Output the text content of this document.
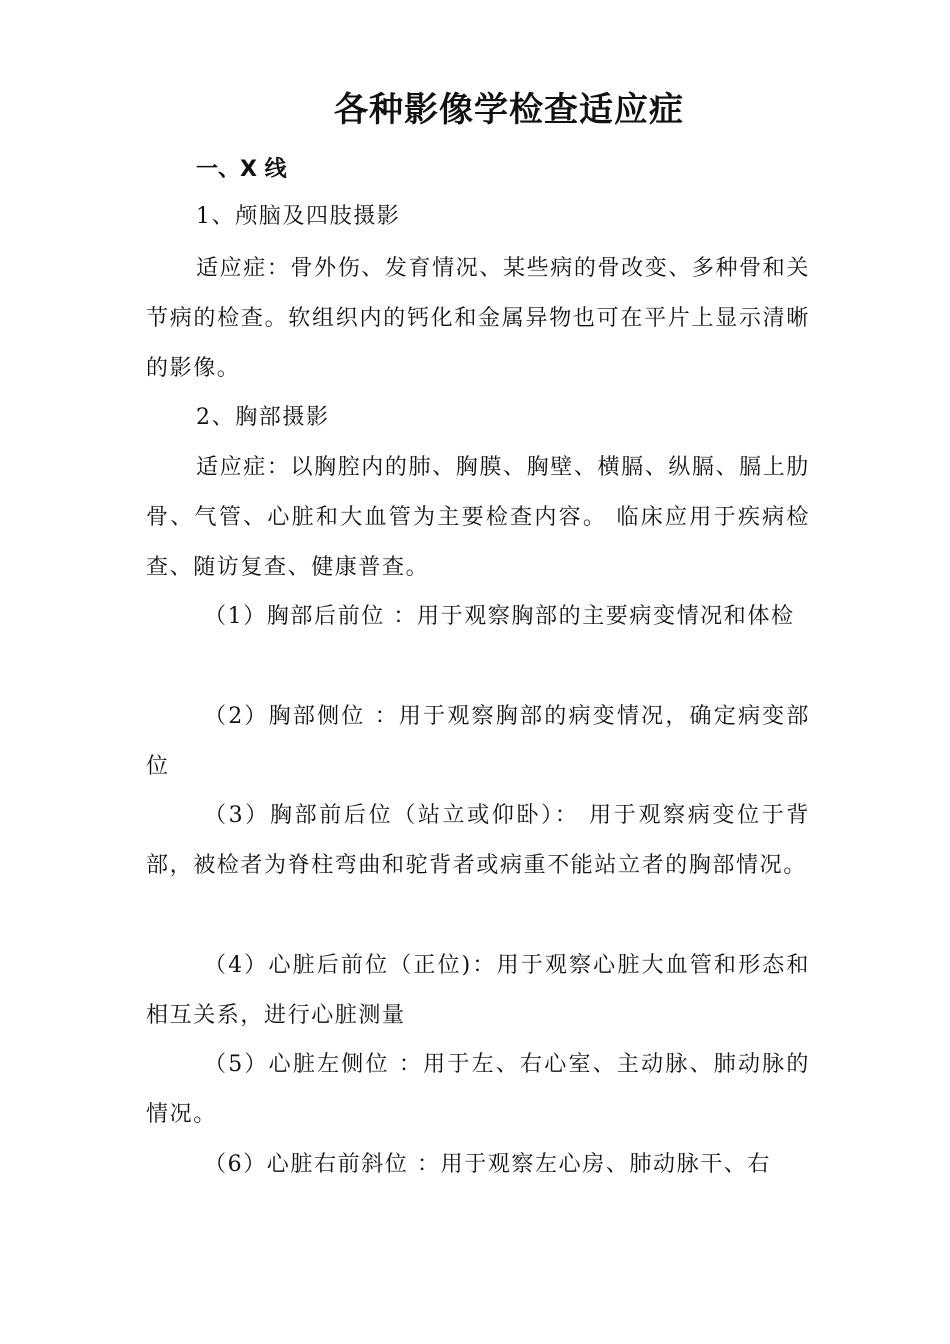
各种影像学检查适应症
一、X 线
1、颅脑及四肢摄影

适应症：骨外伤、发育情况、某些病的骨改变、多种骨和关节病的检查。软组织内的钙化和金属异物也可在平片上显示清晰的影像。

2、胸部摄影

适应症：以胸腔内的肺、胸膜、胸壁、横膈、纵膈、膈上肋骨、气管、心脏和大血管为主要检查内容。 临床应用于疾病检查、随访复查、健康普查。

（1）胸部后前位 ：用于观察胸部的主要病变情况和体检

（2）胸部侧位 ：用于观察胸部的病变情况，确定病变部位

（3）胸部前后位（站立或仰卧）： 用于观察病变位于背部，被检者为脊柱弯曲和驼背者或病重不能站立者的胸部情况。

（4）心脏后前位（正位)：用于观察心脏大血管和形态和相互关系，进行心脏测量

（5）心脏左侧位 ：用于左、右心室、主动脉、肺动脉的情况。

（6）心脏右前斜位 ：用于观察左心房、肺动脉干、右
